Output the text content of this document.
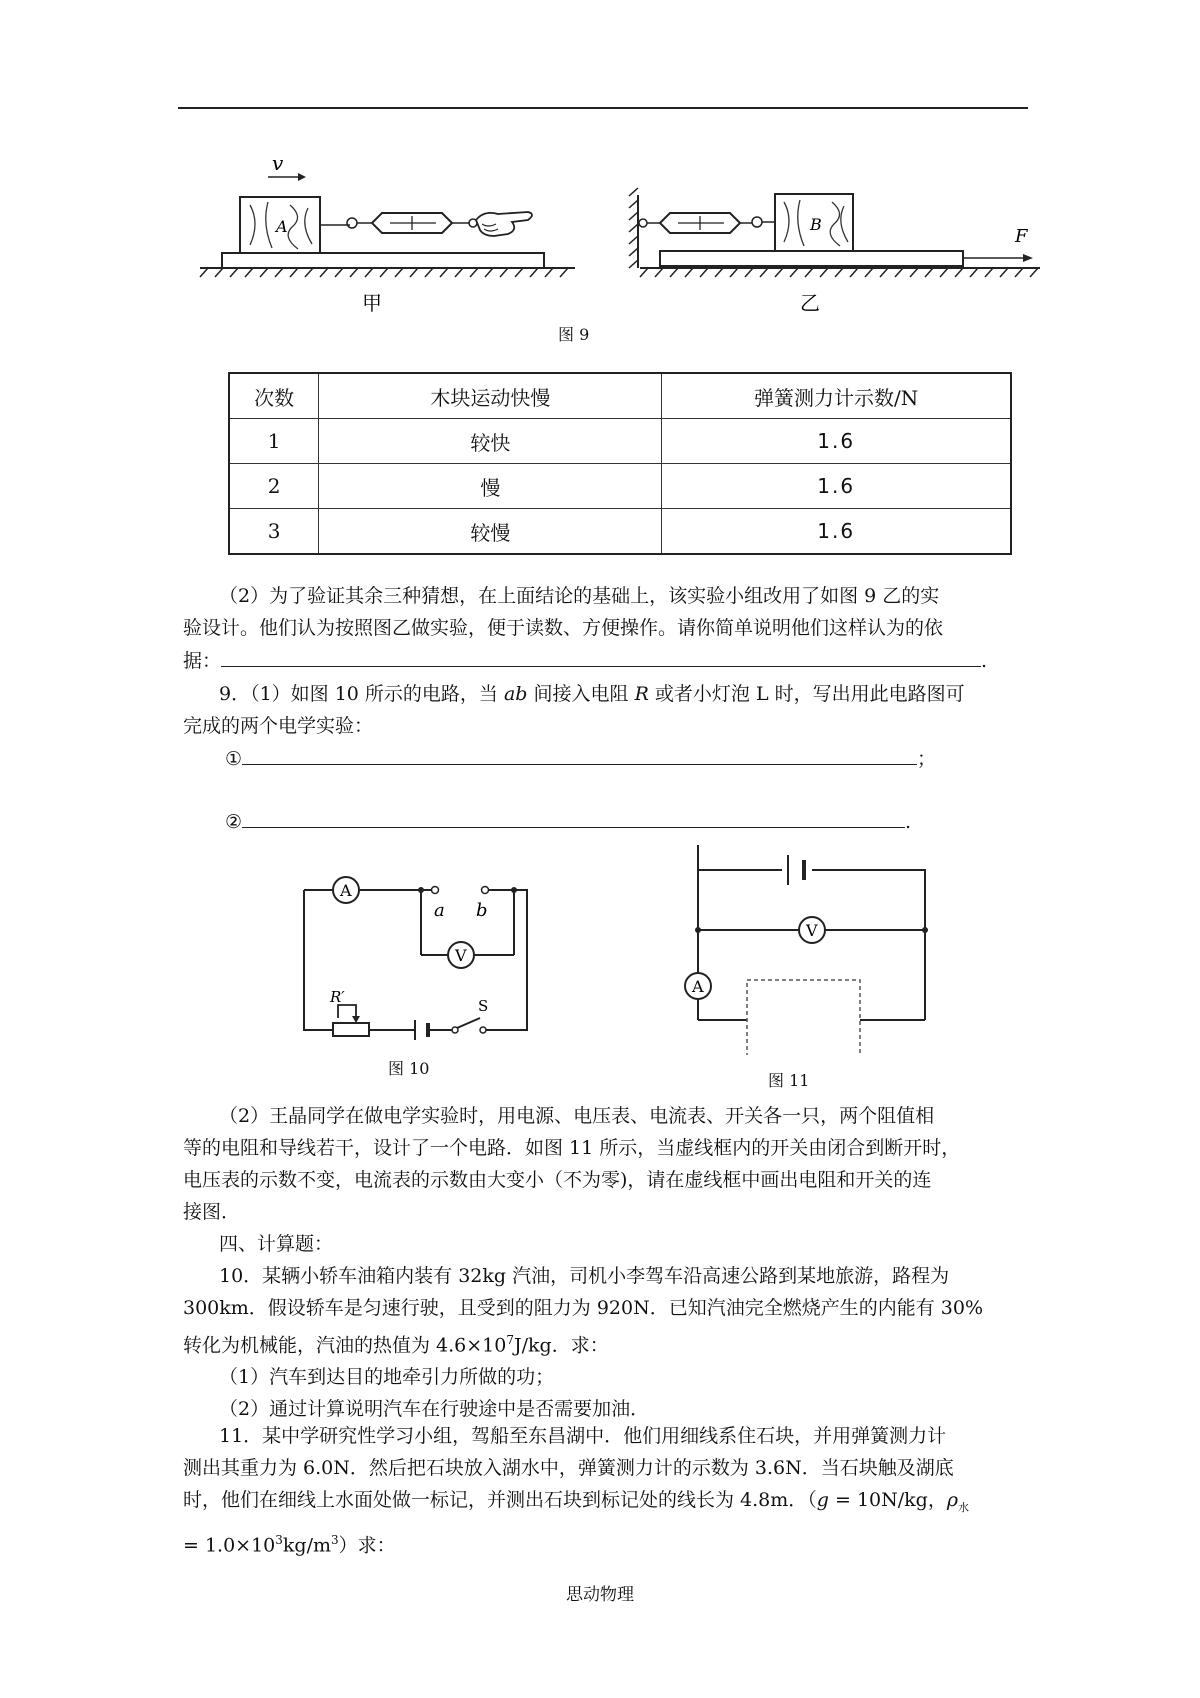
A
v
F
B
甲	乙
图 9
次数	木块运动快慢	弹簧测力计示数/N
1	较快	1.6
2	慢	1.6
3	较慢	1.6
（2）为了验证其余三种猜想，在上面结论的基础上，该实验小组改用了如图 9 乙的实
验设计。他们认为按照图乙做实验，便于读数、方便操作。请你简单说明他们这样认为的依
据：	.
9．（1）如图 10 所示的电路，当 ab 间接入电阻 R 或者小灯泡 L 时，写出用此电路图可
完成的两个电学实验：
①	；
②	.
A
V
a b
R′	S
图 10
V
A
图 11
（2）王晶同学在做电学实验时，用电源、电压表、电流表、开关各一只，两个阻值相
等的电阻和导线若干，设计了一个电路．如图 11 所示，当虚线框内的开关由闭合到断开时，
电压表的示数不变，电流表的示数由大变小（不为零)，请在虚线框中画出电阻和开关的连
接图．
四、计算题：
10．某辆小轿车油箱内装有 32kg 汽油，司机小李驾车沿高速公路到某地旅游，路程为
300km．假设轿车是匀速行驶，且受到的阻力为 920N．已知汽油完全燃烧产生的内能有 30%
转化为机械能，汽油的热值为 $4.6\times 10^7J/kg$．求：
（1）汽车到达目的地牵引力所做的功；
（2）通过计算说明汽车在行驶途中是否需要加油．
11．某中学研究性学习小组，驾船至东昌湖中．他们用细线系住石块，并用弹簧测力计
测出其重力为 6.0N．然后把石块放入湖水中，弹簧测力计的示数为 3.6N．当石块触及湖底
时，他们在细线上水面处做一标记，并测出石块到标记处的线长为 4.8m．（g = 10N/kg，$\rho_水$
= $1.0\times 10^3kg/m^3$）求：
思动物理
